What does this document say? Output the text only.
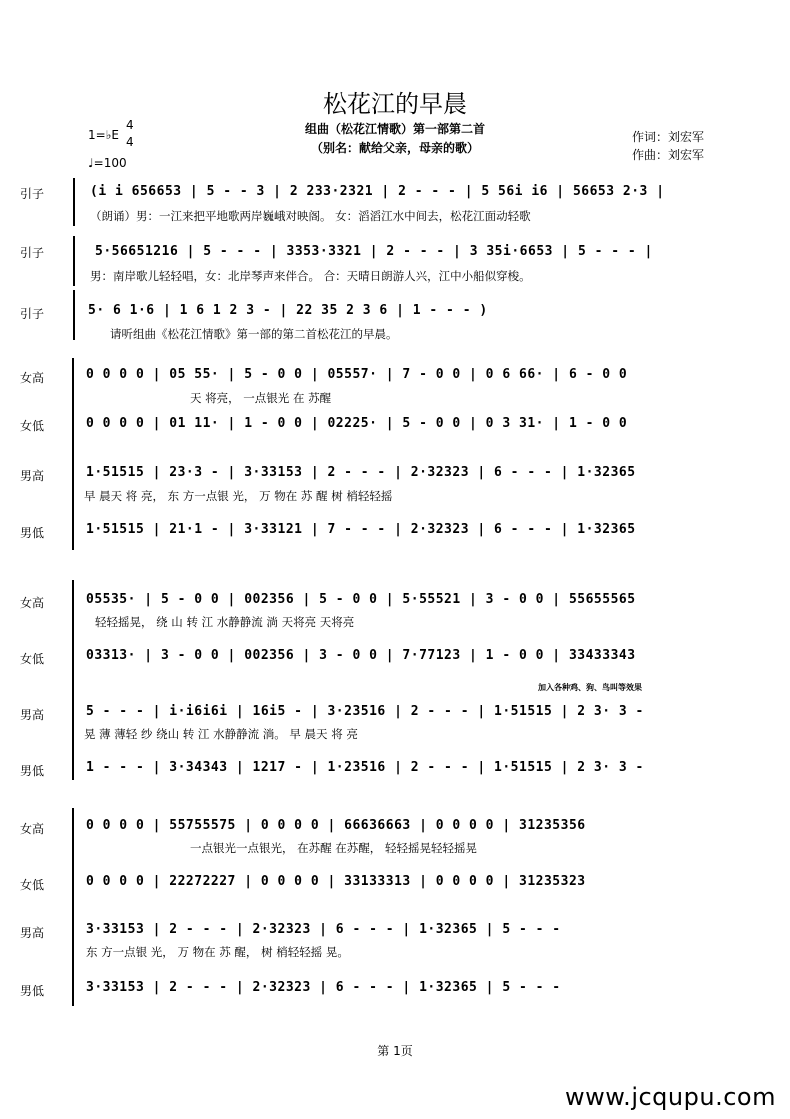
松花江的早晨
组曲（松花江情歌）第一部第二首
（别名：献给父亲，母亲的歌）
作词：刘宏军
作曲：刘宏军
1=♭E
4
4
♩=100
引子	(i i 656653 | 5 - - 3 | 2 233·2321 | 2 - - - | 5 56i i6 | 56653 2·3 |
（朗诵）男：一江来把平地歌两岸巍峨对映阁。 女：滔滔江水中间去，松花江面动轻歌
引子	5·56651216 | 5 - - - | 3353·3321 | 2 - - - | 3 35i·6653 | 5 - - - |
男：南岸歌儿轻轻唱，女：北岸琴声来伴合。 合：天晴日朗游人兴，江中小船似穿梭。
引子	5· 6 1·6 | 1 6 1 2 3 - | 22 35 2 3 6 | 1 - - - )
请听组曲《松花江情歌》第一部的第二首松花江的早晨。
女高	0 0 0 0 | 05 55· | 5 - 0 0 | 05557· | 7 - 0 0 | 0 6 66· | 6 - 0 0
天 将亮， 一点银光 在 苏醒
女低	0 0 0 0 | 01 11· | 1 - 0 0 | 02225· | 5 - 0 0 | 0 3 31· | 1 - 0 0
男高	1·51515 | 23·3 - | 3·33153 | 2 - - - | 2·32323 | 6 - - - | 1·32365
早 晨天 将 亮， 东 方一点银 光， 万 物在 苏 醒 树 梢轻轻摇
男低	1·51515 | 21·1 - | 3·33121 | 7 - - - | 2·32323 | 6 - - - | 1·32365
女高	05535· | 5 - 0 0 | 002356 | 5 - 0 0 | 5·55521 | 3 - 0 0 | 55655565
轻轻摇晃， 绕 山 转 江 水静静流 淌 天将亮 天将亮
女低	03313· | 3 - 0 0 | 002356 | 3 - 0 0 | 7·77123 | 1 - 0 0 | 33433343
加入各种鸡、狗、鸟叫等效果
男高	5 - - - | i·i6i6i | 16i5 - | 3·23516 | 2 - - - | 1·51515 | 2 3· 3 -
晃 薄 薄轻 纱 绕山 转 江 水静静流 淌。 早 晨天 将 亮
男低	1 - - - | 3·34343 | 1217 - | 1·23516 | 2 - - - | 1·51515 | 2 3· 3 -
女高	0 0 0 0 | 55755575 | 0 0 0 0 | 66636663 | 0 0 0 0 | 31235356
一点银光一点银光， 在苏醒 在苏醒， 轻轻摇晃轻轻摇晃
女低	0 0 0 0 | 22272227 | 0 0 0 0 | 33133313 | 0 0 0 0 | 31235323
男高	3·33153 | 2 - - - | 2·32323 | 6 - - - | 1·32365 | 5 - - -
东 方一点银 光， 万 物在 苏 醒， 树 梢轻轻摇 晃。
男低	3·33153 | 2 - - - | 2·32323 | 6 - - - | 1·32365 | 5 - - -
第 1页
www.jcqupu.com
